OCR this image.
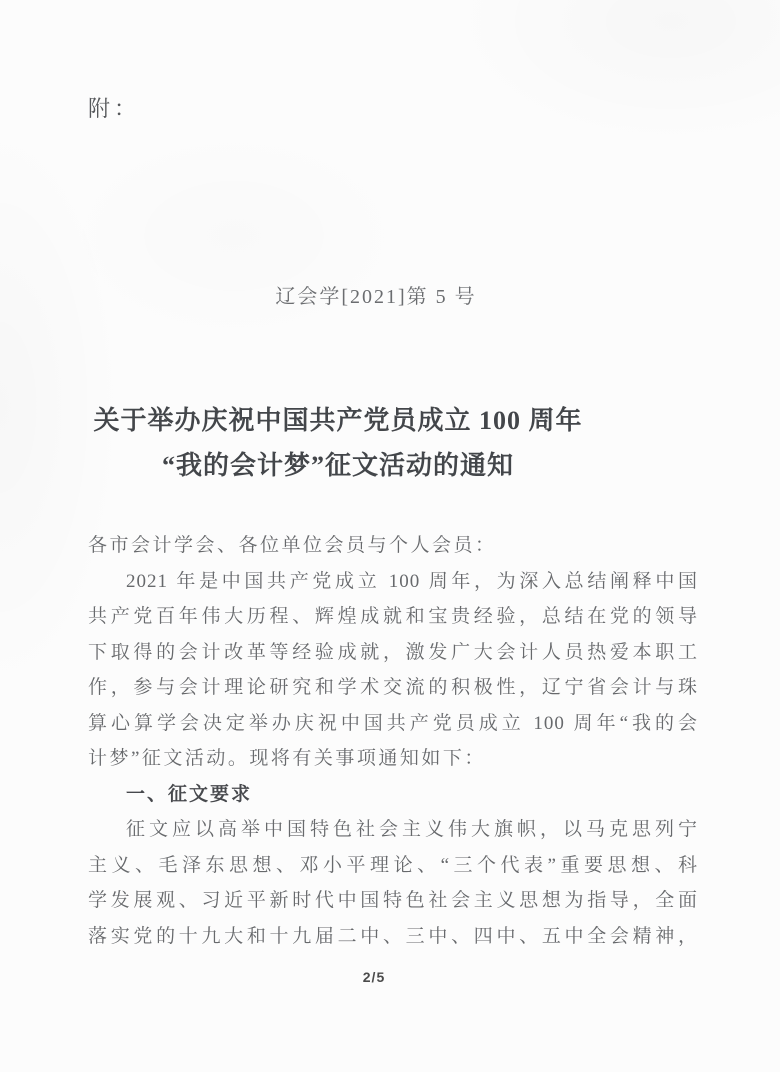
附：
辽会学[2021]第 5 号
关于举办庆祝中国共产党员成立 100 周年
“我的会计梦”征文活动的通知
各市会计学会、各位单位会员与个人会员：
2021 年是中国共产党成立 100 周年，为深入总结阐释中国
共产党百年伟大历程、辉煌成就和宝贵经验，总结在党的领导
下取得的会计改革等经验成就，激发广大会计人员热爱本职工
作，参与会计理论研究和学术交流的积极性，辽宁省会计与珠
算心算学会决定举办庆祝中国共产党员成立 100 周年“我的会
计梦”征文活动。现将有关事项通知如下：
一、征文要求
征文应以高举中国特色社会主义伟大旗帜，以马克思列宁
主义、毛泽东思想、邓小平理论、“三个代表”重要思想、科
学发展观、习近平新时代中国特色社会主义思想为指导，全面
落实党的十九大和十九届二中、三中、四中、五中全会精神，
2/5
